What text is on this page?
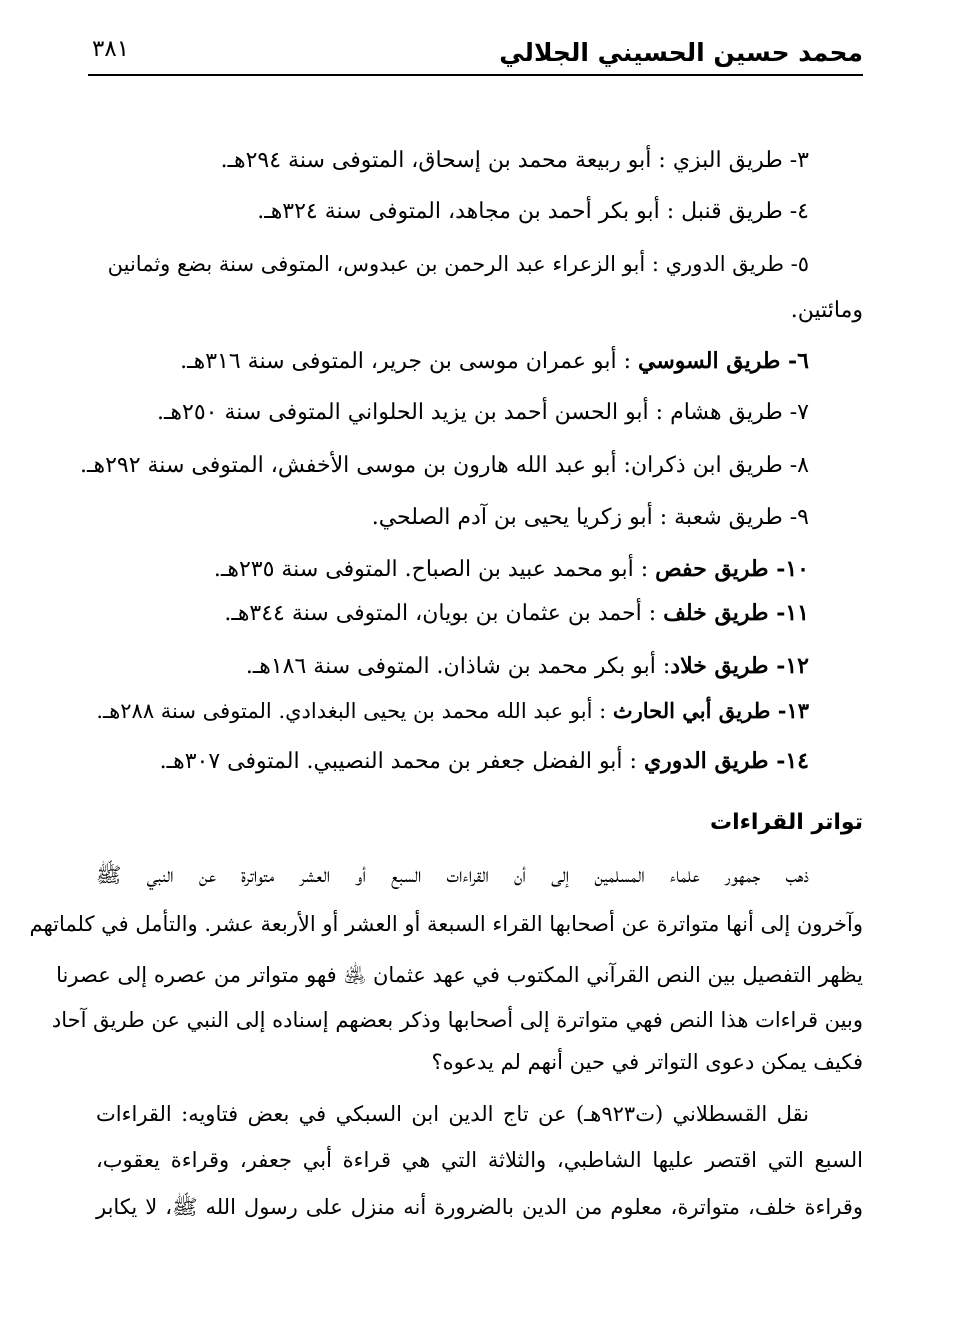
محمد حسين الحسيني الجلالي
٣٨١
٣- طريق البزي : أبو ربيعة محمد بن إسحاق، المتوفى سنة ٢٩٤هـ.
٤- طريق قنبل : أبو بكر أحمد بن مجاهد، المتوفى سنة ٣٢٤هـ.
٥- طريق الدوري : أبو الزعراء عبد الرحمن بن عبدوس، المتوفى سنة بضع وثمانين
ومائتين.
٦- طريق السوسي : أبو عمران موسى بن جرير، المتوفى سنة ٣١٦هـ.
٧- طريق هشام : أبو الحسن أحمد بن يزيد الحلواني المتوفى سنة ٢٥٠هـ.
٨- طريق ابن ذكران: أبو عبد الله هارون بن موسى الأخفش، المتوفى سنة ٢٩٢هـ.
٩- طريق شعبة : أبو زكريا يحيى بن آدم الصلحي.
١٠- طريق حفص : أبو محمد عبيد بن الصباح. المتوفى سنة ٢٣٥هـ.
١١- طريق خلف : أحمد بن عثمان بن بويان، المتوفى سنة ٣٤٤هـ.
١٢- طريق خلاد: أبو بكر محمد بن شاذان. المتوفى سنة ١٨٦هـ.
١٣- طريق أبي الحارث : أبو عبد الله محمد بن يحيى البغدادي. المتوفى سنة ٢٨٨هـ.
١٤- طريق الدوري : أبو الفضل جعفر بن محمد النصيبي. المتوفى ٣٠٧هـ.
تواتر القراءات
ذهب جمهور علماء المسلمين إلى أن القراءات السبع أو العشر متواترة عن النبي ﷺ
وآخرون إلى أنها متواترة عن أصحابها القراء السبعة أو العشر أو الأربعة عشر. والتأمل في كلماتهم
يظهر التفصيل بين النص القرآني المكتوب في عهد عثمان ﵁ فهو متواتر من عصره إلى عصرنا
وبين قراءات هذا النص فهي متواترة إلى أصحابها وذكر بعضهم إسناده إلى النبي عن طريق آحاد
فكيف يمكن دعوى التواتر في حين أنهم لم يدعوه؟
نقل القسطلاني (ت٩٢٣هـ) عن تاج الدين ابن السبكي في بعض فتاويه: القراءات
السبع التي اقتصر عليها الشاطبي، والثلاثة التي هي قراءة أبي جعفر، وقراءة يعقوب،
وقراءة خلف، متواترة، معلوم من الدين بالضرورة أنه منزل على رسول الله ﷺ، لا يكابر
